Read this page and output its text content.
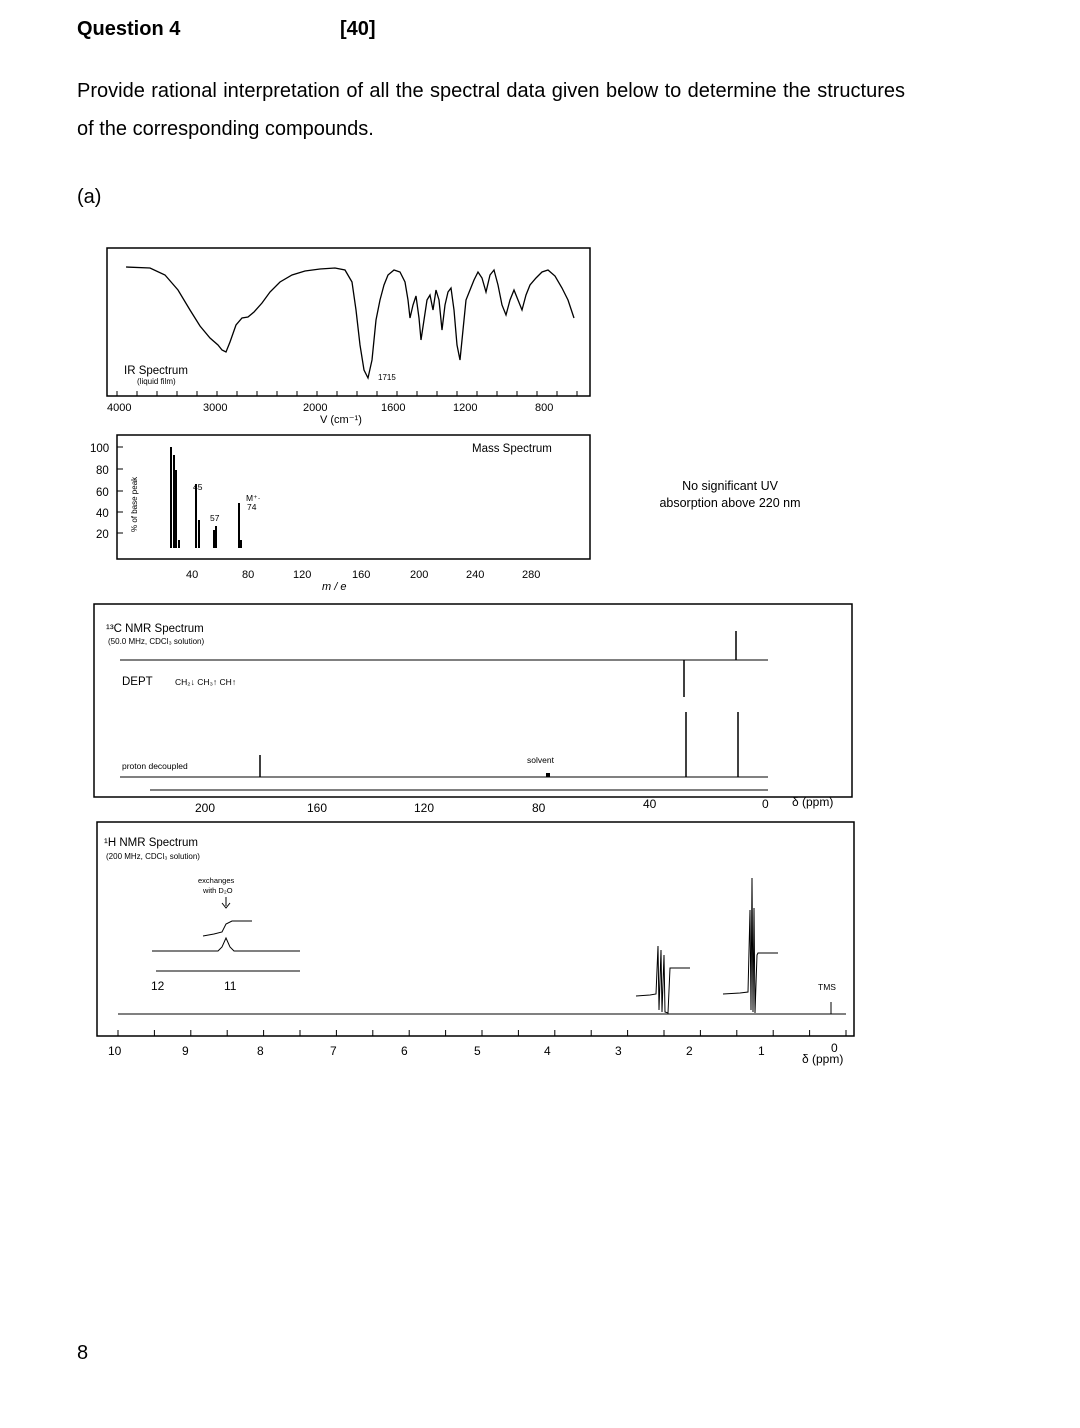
Question 4	[40]
Provide rational interpretation of all the spectral data given below to determine the structures of the corresponding compounds.
(a)
IR Spectrum
(liquid film)	1715
4000	3000	2000	1600	1200	800
V (cm⁻¹)
Mass Spectrum
100
80
60
40
20
% of base peak	45
57
M⁺·
74
40	80	120	160	200	240	280
m / e
¹³C NMR Spectrum
(50.0 MHz, CDCl₃ solution)
DEPT	CH₂↓ CH₃↑ CH↑
proton decoupled
solvent
200	160	120	80	40	0 δ (ppm)
¹H NMR Spectrum
(200 MHz, CDCl₃ solution)
exchanges
with D₂O
12	11	TMS
10	9	8	7	6	5	4	3	2	1	0
δ (ppm)
No significant UV
absorption above 220 nm
8
